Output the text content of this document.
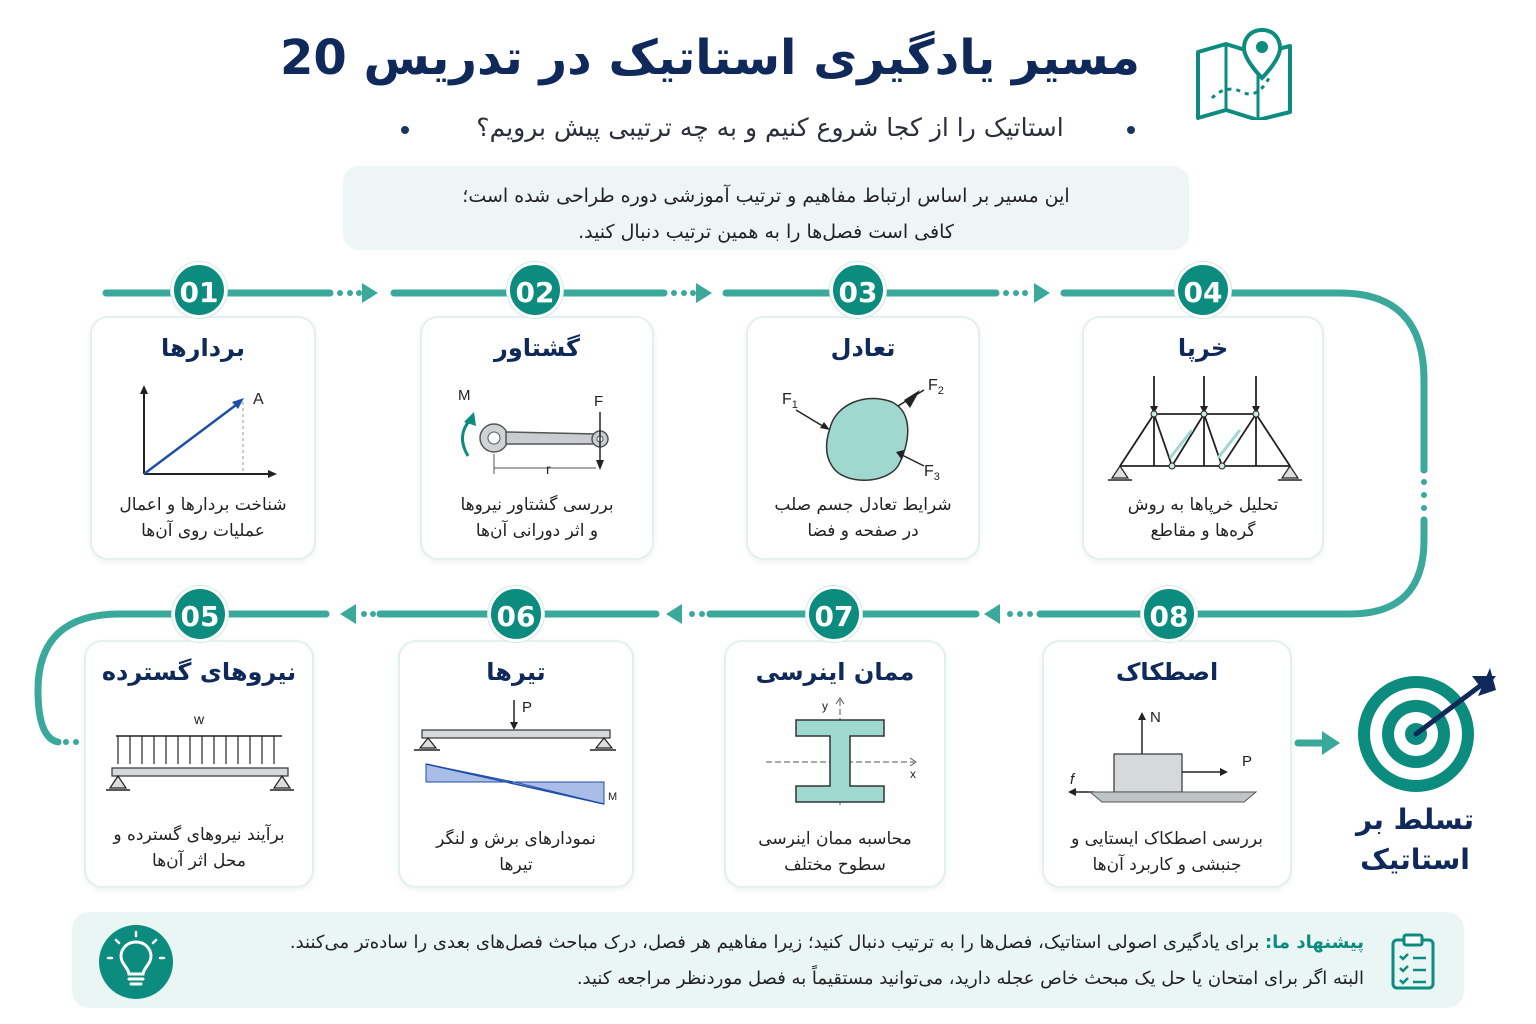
مسیر یادگیری استاتیک در تدریس 20
استاتیک را از کجا شروع کنیم و به چه ترتیبی پیش برویم؟
این مسیر بر اساس ارتباط مفاهیم و ترتیب آموزشی دوره طراحی شده است؛
کافی است فصل‌ها را به همین ترتیب دنبال کنید.
بردارها
A
شناخت بردارها و اعمال
عملیات روی آن‌ها
01
گشتاور
M	F
r
بررسی گشتاور نیروها
و اثر دورانی آن‌ها
02
تعادل
$F_1$
$F_2$
$F_3$
شرایط تعادل جسم صلب
در صفحه و فضا
03
خرپا
تحلیل خرپاها به روش
گره‌ها و مقاطع
04
نیروهای گسترده
w
برآیند نیروهای گسترده و
محل اثر آن‌ها
05
تیرها
P
M
نمودارهای برش و لنگر
تیرها
06
ممان اینرسی
x
y
محاسبه ممان اینرسی
سطوح مختلف
07
اصطکاک
N
P
f
بررسی اصطکاک ایستایی و
جنبشی و کاربرد آن‌ها
08
تسلط بر
استاتیک
پیشنهاد ما: برای یادگیری اصولی استاتیک، فصل‌ها را به ترتیب دنبال کنید؛ زیرا مفاهیم هر فصل، درک مباحث فصل‌های بعدی را ساده‌تر می‌کنند.
البته اگر برای امتحان یا حل یک مبحث خاص عجله دارید، می‌توانید مستقیماً به فصل موردنظر مراجعه کنید.
